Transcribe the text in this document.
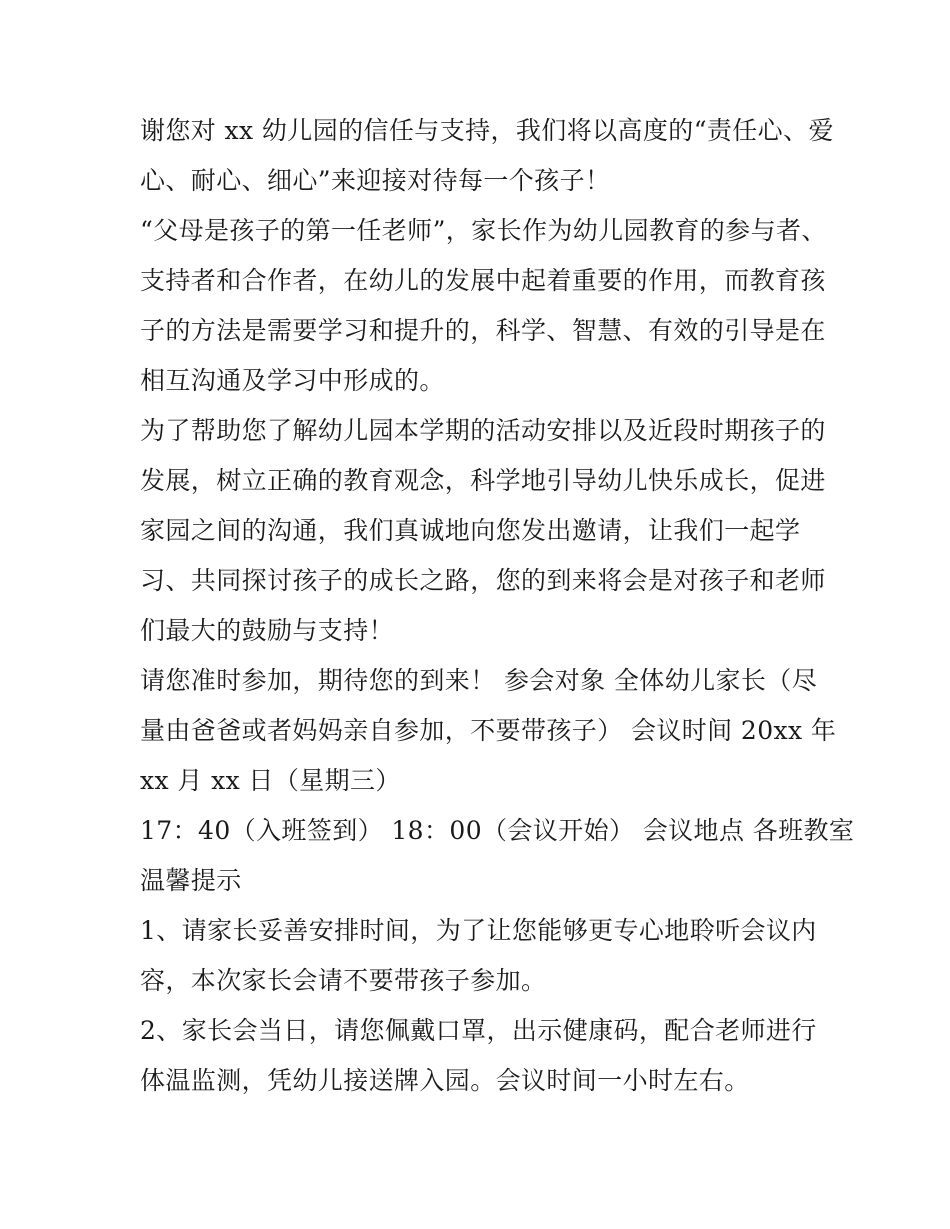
谢您对 xx 幼儿园的信任与支持，我们将以高度的“责任心、爱
心、耐心、细心”来迎接对待每一个孩子！
“父母是孩子的第一任老师”，家长作为幼儿园教育的参与者、
支持者和合作者，在幼儿的发展中起着重要的作用，而教育孩
子的方法是需要学习和提升的，科学、智慧、有效的引导是在
相互沟通及学习中形成的。
为了帮助您了解幼儿园本学期的活动安排以及近段时期孩子的
发展，树立正确的教育观念，科学地引导幼儿快乐成长，促进
家园之间的沟通，我们真诚地向您发出邀请，让我们一起学
习、共同探讨孩子的成长之路，您的到来将会是对孩子和老师
们最大的鼓励与支持！
请您准时参加，期待您的到来！ 参会对象 全体幼儿家长（尽
量由爸爸或者妈妈亲自参加，不要带孩子） 会议时间 20xx 年
xx 月 xx 日（星期三）
17：40（入班签到） 18：00（会议开始） 会议地点 各班教室
温馨提示
1、请家长妥善安排时间，为了让您能够更专心地聆听会议内
容，本次家长会请不要带孩子参加。
2、家长会当日，请您佩戴口罩，出示健康码，配合老师进行
体温监测，凭幼儿接送牌入园。会议时间一小时左右。
